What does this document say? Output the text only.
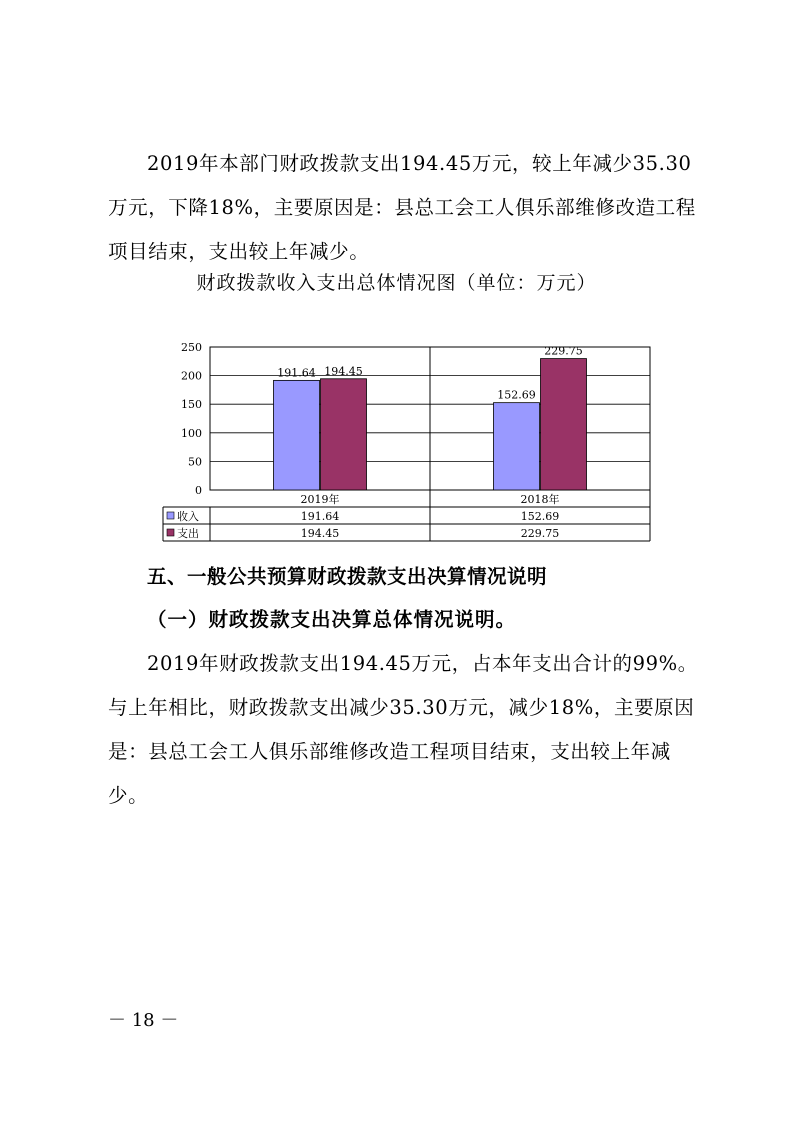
2019年本部门财政拨款支出194.45万元，较上年减少35.30万元，下降18%，主要原因是：县总工会工人俱乐部维修改造工程项目结束，支出较上年减少。

财政拨款收入支出总体情况图（单位：万元）
0
50
100
150
200
250
191.64
152.69
194.45
229.75
2019年	2018年
收入	191.64	152.69
支出	194.45	229.75
五、一般公共预算财政拨款支出决算情况说明
（一）财政拨款支出决算总体情况说明。

2019年财政拨款支出194.45万元，占本年支出合计的99%。与上年相比，财政拨款支出减少35.30万元，减少18%，主要原因是：县总工会工人俱乐部维修改造工程项目结束，支出较上年减少。

－ 18 －
